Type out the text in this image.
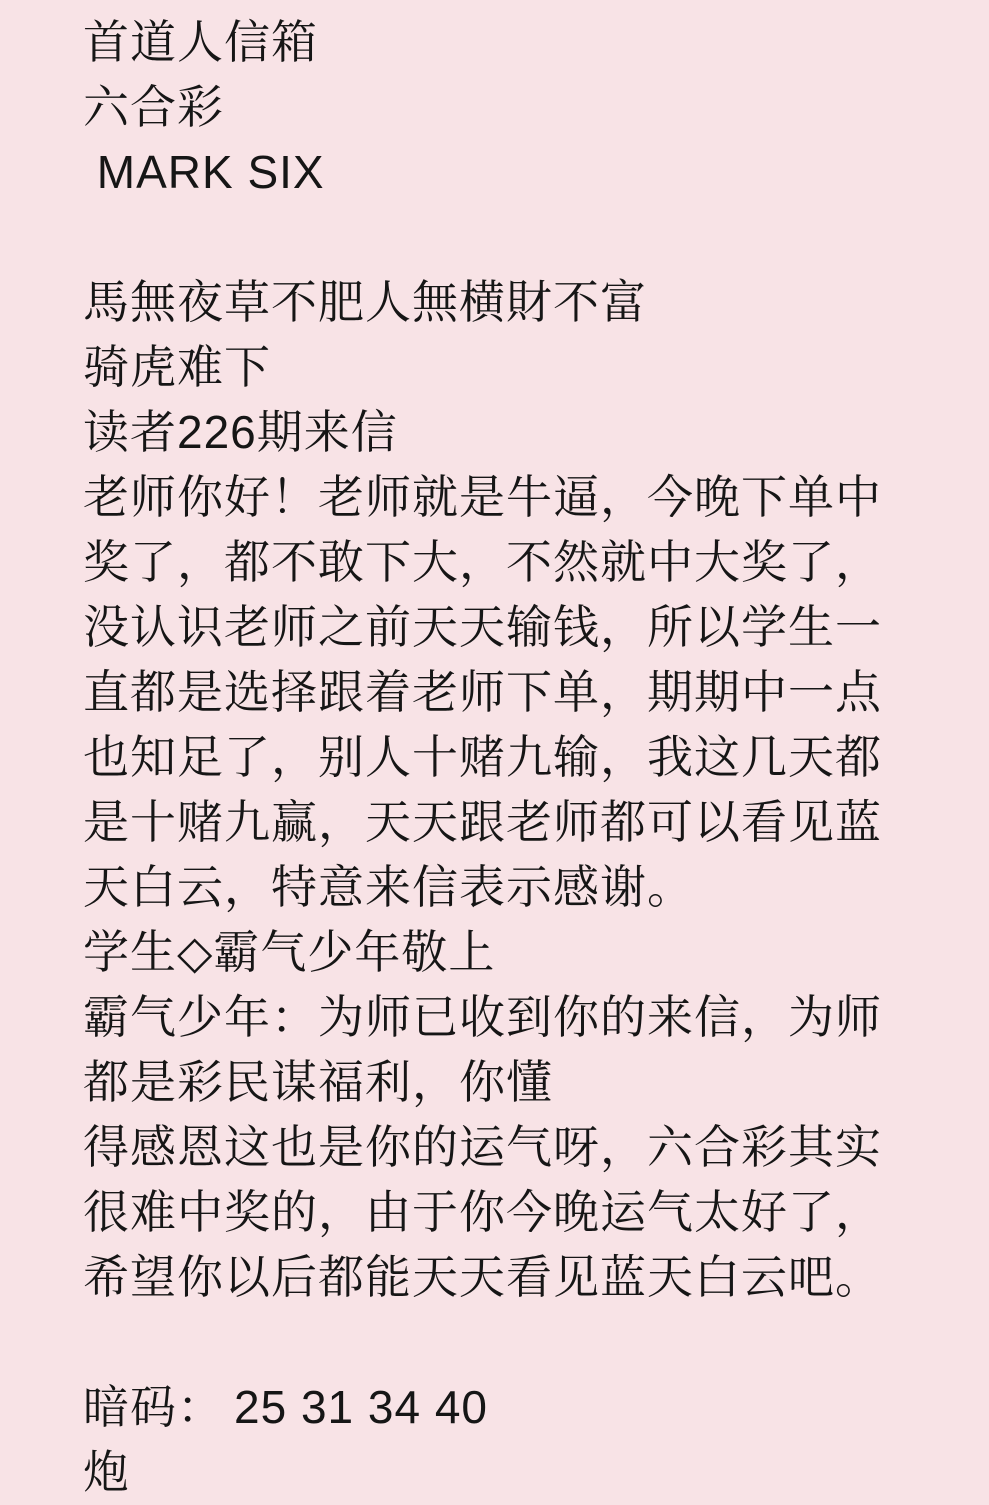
首道人信箱
六合彩
MARK SIX
馬無夜草不肥人無横財不富
骑虎难下
读者226期来信
老师你好！老师就是牛逼，今晚下单中
奖了，都不敢下大，不然就中大奖了，
没认识老师之前天天输钱，所以学生一
直都是选择跟着老师下单，期期中一点
也知足了，别人十赌九输，我这几天都
是十赌九赢，天天跟老师都可以看见蓝
天白云，特意来信表示感谢。
学生◇霸气少年敬上
霸气少年：为师已收到你的来信，为师
都是彩民谋福利，你懂
得感恩这也是你的运气呀，六合彩其实
很难中奖的，由于你今晚运气太好了，
希望你以后都能天天看见蓝天白云吧。
暗码： 25 31 34 40
炮
